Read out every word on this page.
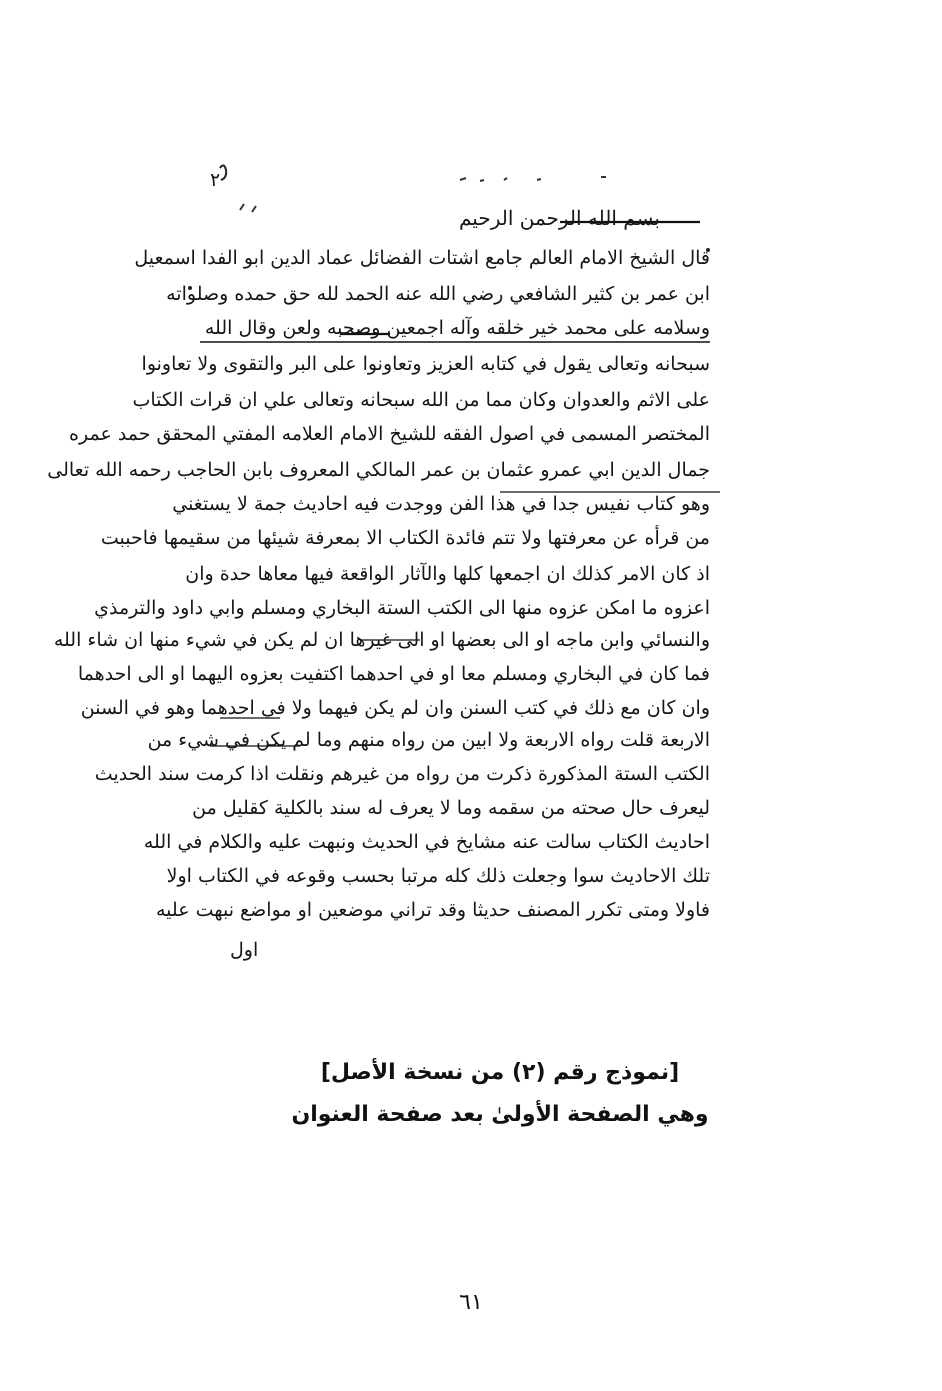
٢
بسم الله الرحمن الرحيم
قال الشيخ الامام العالم جامع اشتات الفضائل عماد الدين ابو الفدا اسمعيل
ابن عمر بن كثير الشافعي رضي الله عنه الحمد لله حق حمده وصلواته
وسلامه على محمد خير خلقه وآله اجمعين وصحبه ولعن وقال الله
سبحانه وتعالى يقول في كتابه العزيز وتعاونوا على البر والتقوى ولا تعاونوا
على الاثم والعدوان وكان مما من الله سبحانه وتعالى علي ان قرات الكتاب
المختصر المسمى في اصول الفقه للشيخ الامام العلامه المفتي المحقق حمد عمره
جمال الدين ابي عمرو عثمان بن عمر المالكي المعروف بابن الحاجب رحمه الله تعالى
وهو كتاب نفيس جدا في هذا الفن ووجدت فيه احاديث جمة لا يستغني
من قرأه عن معرفتها ولا تتم فائدة الكتاب الا بمعرفة شيئها من سقيمها فاحببت
اذ كان الامر كذلك ان اجمعها كلها والآثار الواقعة فيها معاها حدة وان
اعزوه ما امكن عزوه منها الى الكتب الستة البخاري ومسلم وابي داود والترمذي
والنسائي وابن ماجه او الى بعضها او الى غيرها ان لم يكن في شيء منها ان شاء الله
فما كان في البخاري ومسلم معا او في احدهما اكتفيت بعزوه اليهما او الى احدهما
وان كان مع ذلك في كتب السنن وان لم يكن فيهما ولا في احدهما وهو في السنن
الاربعة قلت رواه الاربعة ولا ابين من رواه منهم وما لم يكن في شيء من
الكتب الستة المذكورة ذكرت من رواه من غيرهم ونقلت اذا كرمت سند الحديث
ليعرف حال صحته من سقمه وما لا يعرف له سند بالكلية كقليل من
احاديث الكتاب سالت عنه مشايخ في الحديث ونبهت عليه والكلام في الله
تلك الاحاديث سوا وجعلت ذلك كله مرتبا بحسب وقوعه في الكتاب اولا
فاولا ومتى تكرر المصنف حديثا وقد تراني موضعين او مواضع نبهت عليه
اول
[نموذج رقم (٢) من نسخة الأصل]
وهي الصفحة الأولىٰ بعد صفحة العنوان
٦١
